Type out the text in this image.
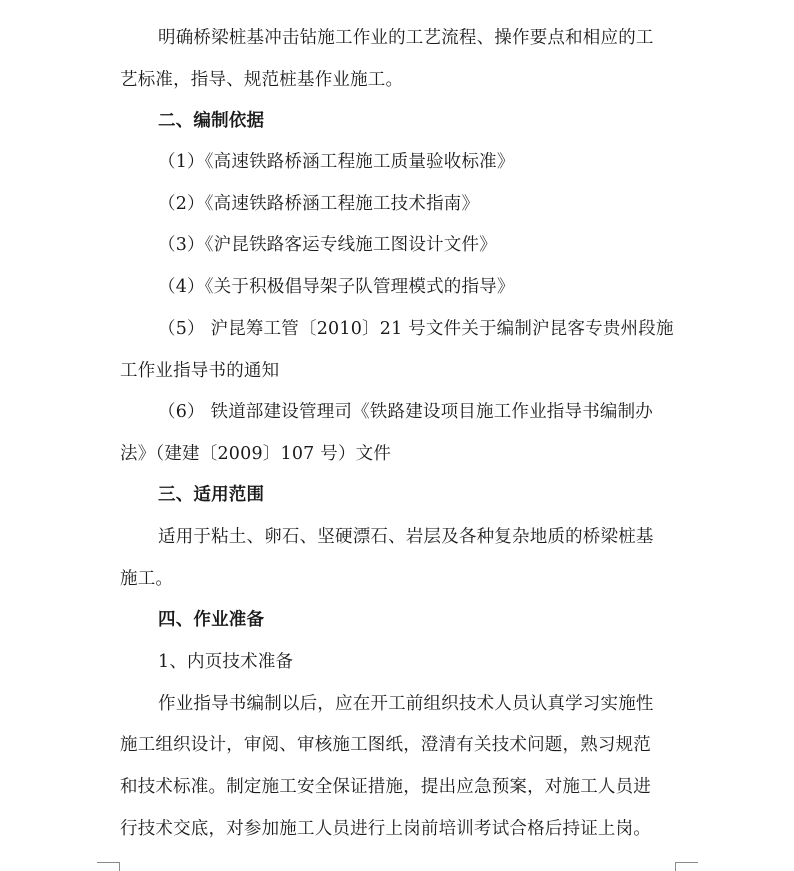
明确桥梁桩基冲击钻施工作业的工艺流程、操作要点和相应的工
艺标准，指导、规范桩基作业施工。
二、编制依据
（1）《高速铁路桥涵工程施工质量验收标准》
（2）《高速铁路桥涵工程施工技术指南》
（3）《沪昆铁路客运专线施工图设计文件》
（4）《关于积极倡导架子队管理模式的指导》
（5） 沪昆筹工管〔2010〕21 号文件关于编制沪昆客专贵州段施
工作业指导书的通知
（6） 铁道部建设管理司《铁路建设项目施工作业指导书编制办
法》（建建〔2009〕107 号）文件
三、适用范围
适用于粘土、卵石、坚硬漂石、岩层及各种复杂地质的桥梁桩基
施工。
四、作业准备
1、内页技术准备
作业指导书编制以后，应在开工前组织技术人员认真学习实施性
施工组织设计，审阅、审核施工图纸，澄清有关技术问题，熟习规范
和技术标准。制定施工安全保证措施，提出应急预案，对施工人员进
行技术交底，对参加施工人员进行上岗前培训考试合格后持证上岗。
